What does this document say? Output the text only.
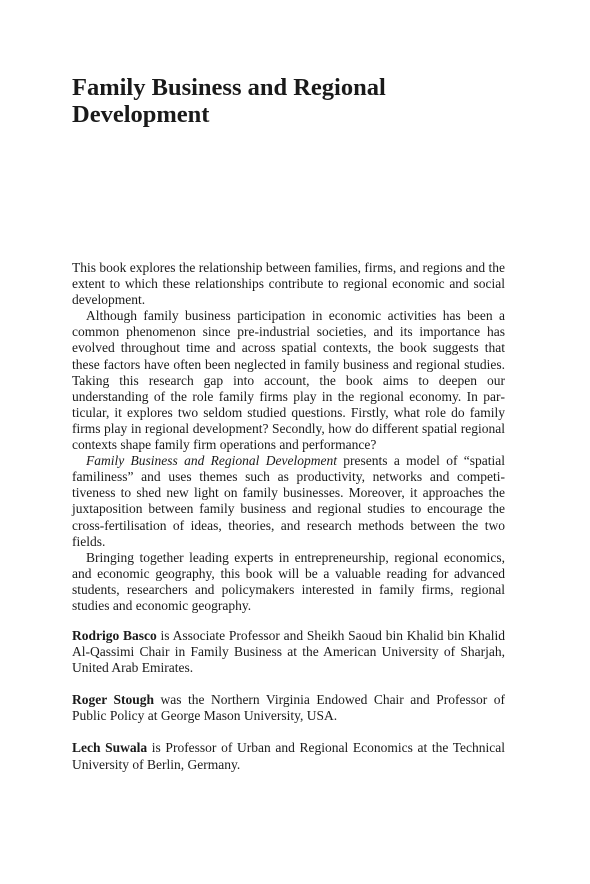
Family Business and Regional
Development

This book explores the relationship between families, firms, and regions and the extent to which these relationships contribute to regional economic and social development.

Although family business participation in economic activities has been a common phenomenon since pre-industrial societies, and its importance has evolved throughout time and across spatial contexts, the book suggests that these factors have often been neglected in family business and regional studies. Taking this research gap into account, the book aims to deepen our understanding of the role family firms play in the regional economy. In particular, it explores two seldom studied questions. Firstly, what role do family firms play in regional development? Secondly, how do different spatial regional contexts shape family firm operations and performance?

Family Business and Regional Development presents a model of “spatial familiness” and uses themes such as productivity, networks and competitiveness to shed new light on family businesses. Moreover, it approaches the juxtaposition between family business and regional studies to encourage the cross-fertilisation of ideas, theories, and research methods between the two fields.

Bringing together leading experts in entrepreneurship, regional economics, and economic geography, this book will be a valuable reading for advanced students, researchers and policymakers interested in family firms, regional studies and economic geography.

Rodrigo Basco is Associate Professor and Sheikh Saoud bin Khalid bin Khalid Al-Qassimi Chair in Family Business at the American University of Sharjah, United Arab Emirates.

Roger Stough was the Northern Virginia Endowed Chair and Professor of Public Policy at George Mason University, USA.

Lech Suwala is Professor of Urban and Regional Economics at the Technical University of Berlin, Germany.
